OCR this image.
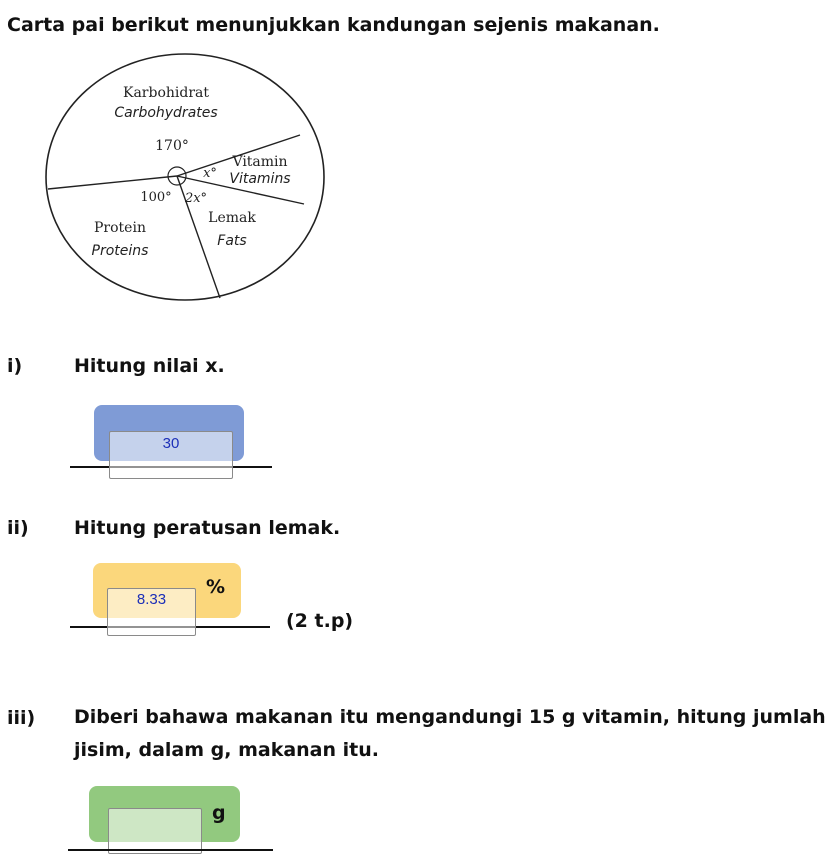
Carta pai berikut menunjukkan kandungan sejenis makanan.
Karbohidrat
Carbohydrates
170°
Vitamin
Vitamins
x°
Lemak
Fats
2x°
Protein
Proteins
100°
i)	Hitung nilai x.
30
ii) Hitung peratusan lemak.
8.33
%
(2 t.p)
iii) Diberi bahawa makanan itu mengandungi 15 g vitamin, hitung jumlah jisim, dalam g, makanan itu.
g
